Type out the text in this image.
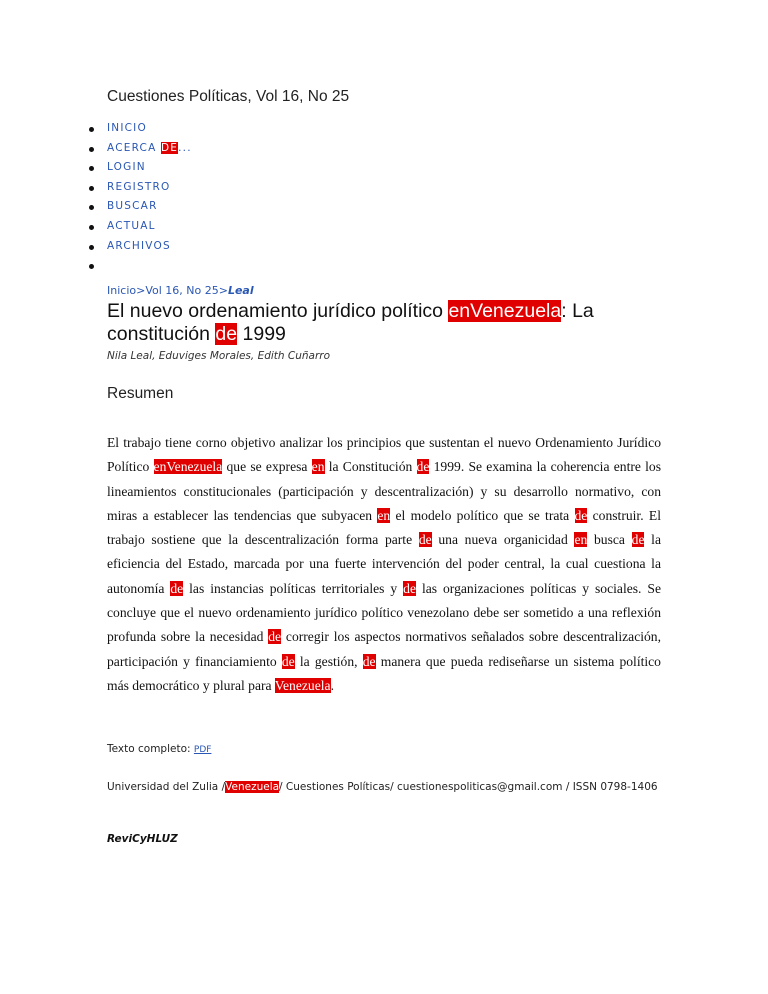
Cuestiones Políticas, Vol 16, No 25
INICIO
ACERCA DE...
LOGIN
REGISTRO
BUSCAR
ACTUAL
ARCHIVOS
Inicio>Vol 16, No 25>Leal
El nuevo ordenamiento jurídico político enVenezuela: La constitución de 1999
Nila Leal, Eduviges Morales, Edith Cuñarro
Resumen

El trabajo tiene corno objetivo analizar los principios que sustentan el nuevo Ordenamiento Jurídico Político enVenezuela que se expresa en la Constitución de 1999. Se examina la coherencia entre los lineamientos constitucionales (participación y descentralización) y su desarrollo normativo, con miras a establecer las tendencias que subyacen en el modelo político que se trata de construir. El trabajo sostiene que la descentralización forma parte de una nueva organicidad en busca de la eficiencia del Estado, marcada por una fuerte intervención del poder central, la cual cuestiona la autonomía de las instancias políticas territoriales y de las organizaciones políticas y sociales. Se concluye que el nuevo ordenamiento jurídico político venezolano debe ser sometido a una reflexión profunda sobre la necesidad de corregir los aspectos normativos señalados sobre descentralización, participación y financiamiento de la gestión, de manera que pueda rediseñarse un sistema político más democrático y plural para Venezuela.

Texto completo: PDF
Universidad del Zulia /Venezuela/ Cuestiones Políticas/ cuestionespoliticas@gmail.com / ISSN 0798-1406
ReviCyHLUZ
